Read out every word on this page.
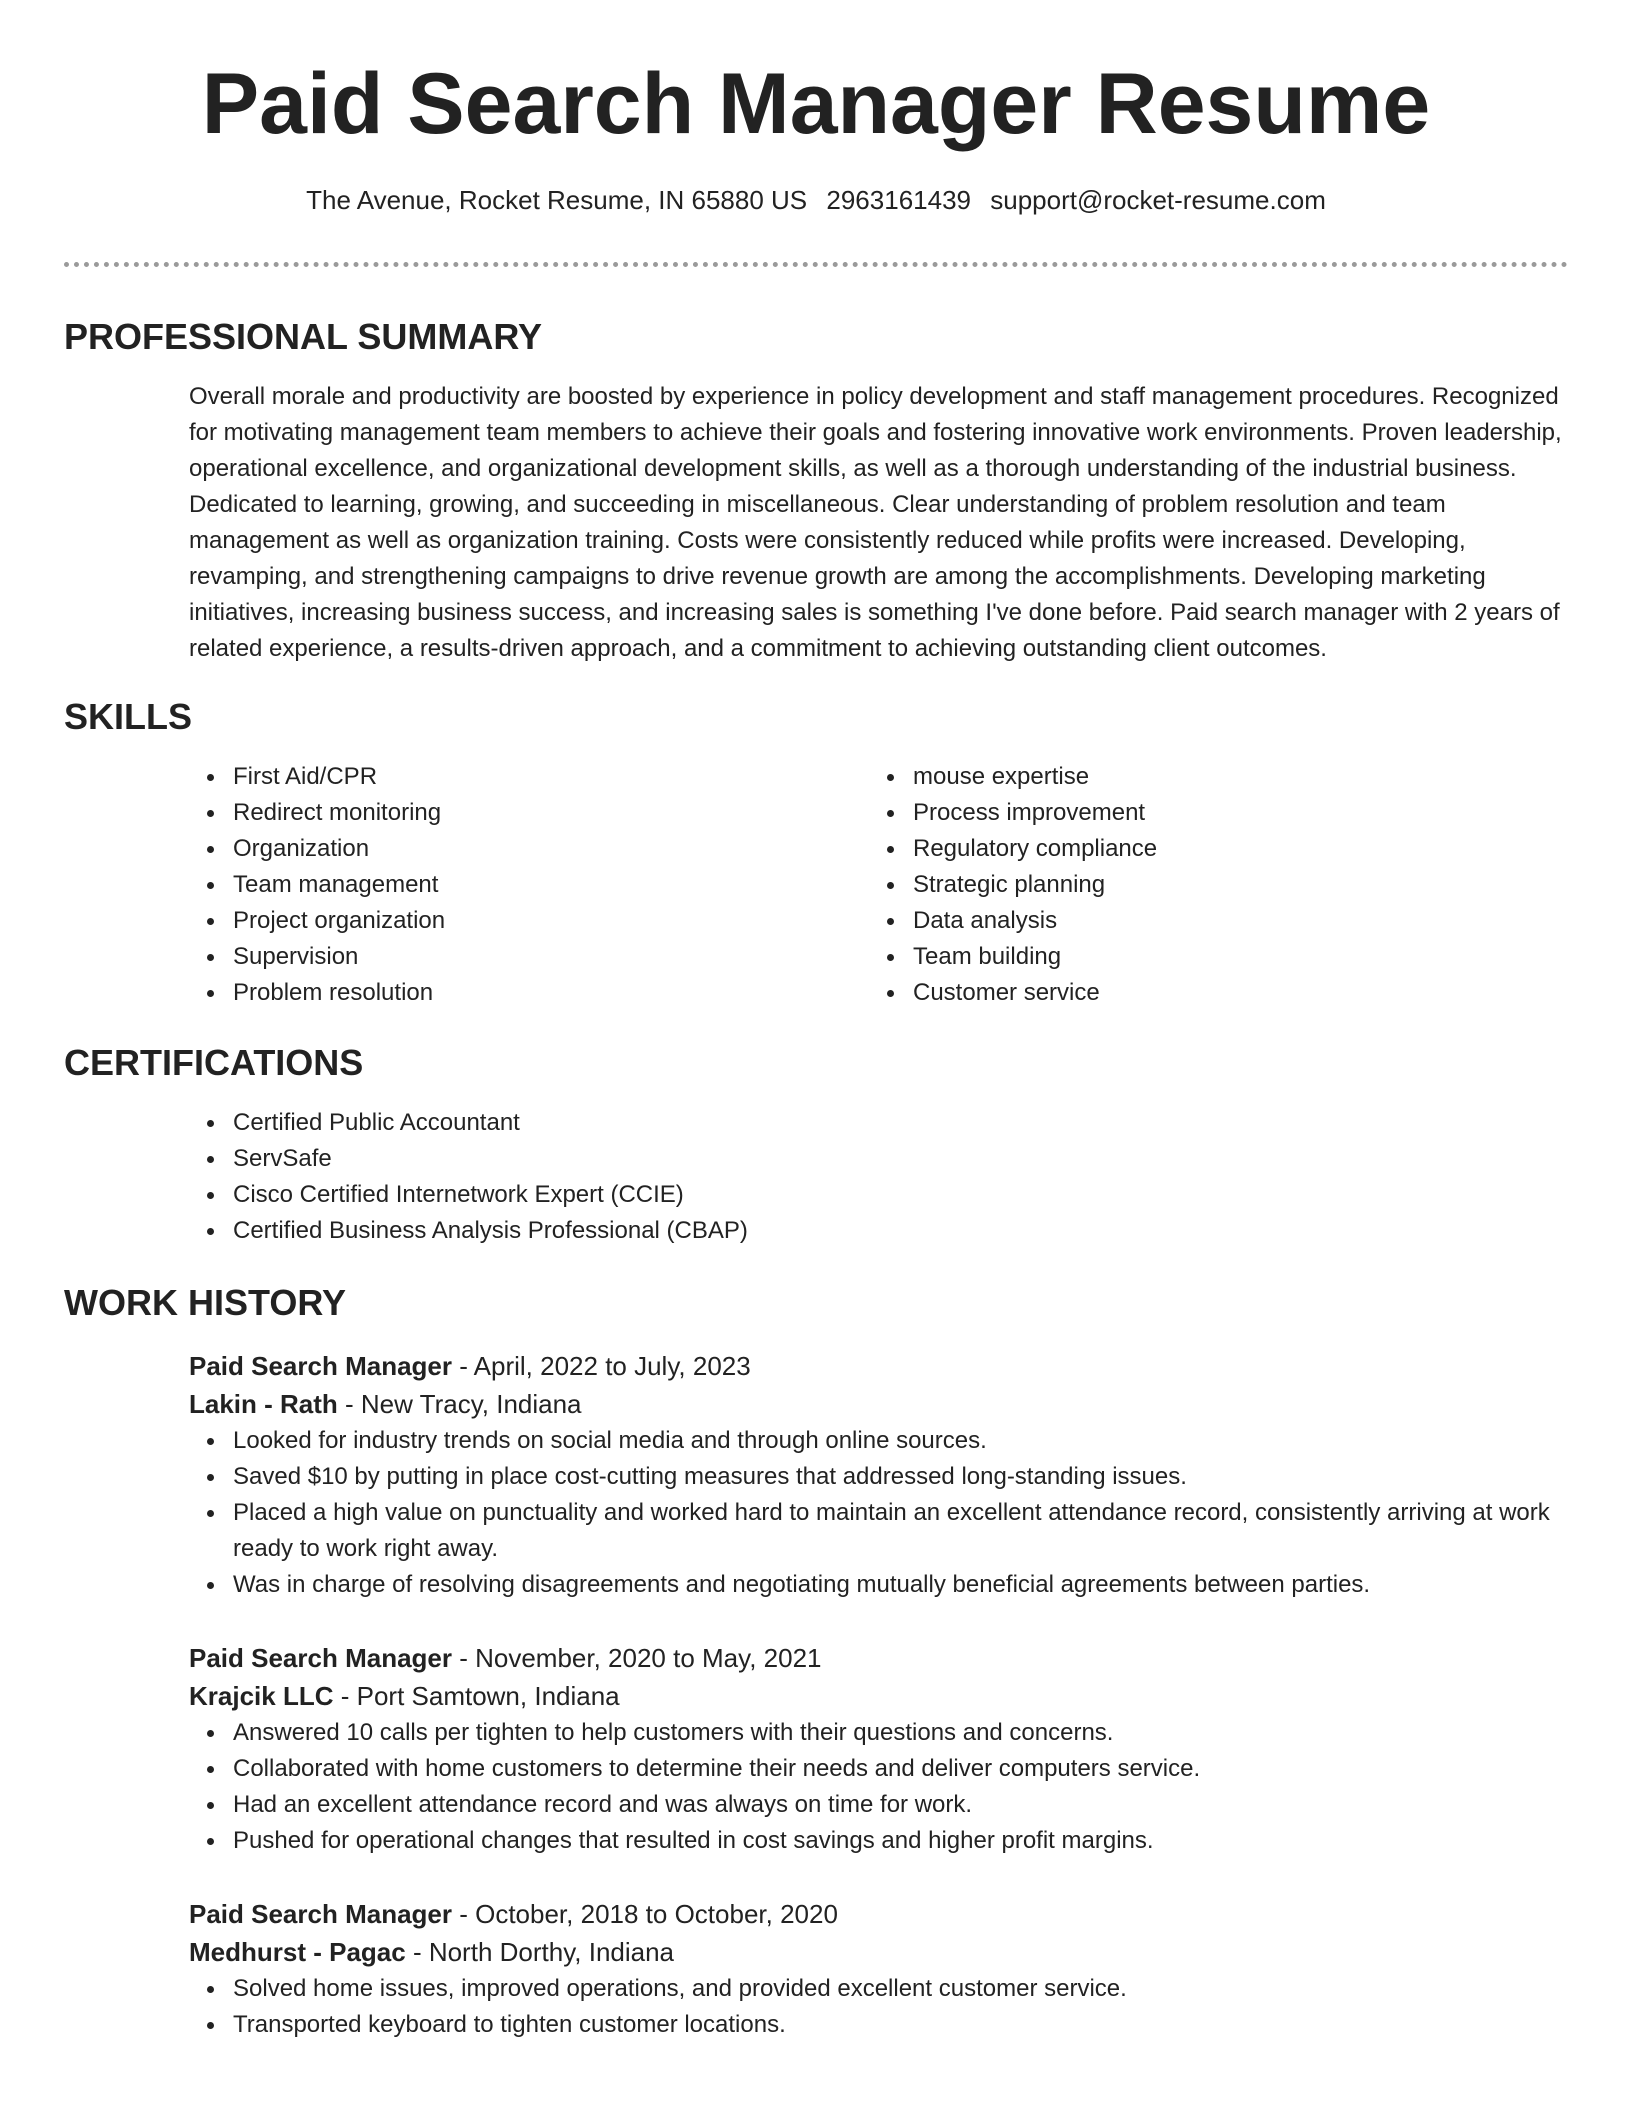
Paid Search Manager Resume
The Avenue, Rocket Resume, IN 65880 US 2963161439 support@rocket-resume.com
PROFESSIONAL SUMMARY

Overall morale and productivity are boosted by experience in policy development and staff management procedures. Recognized for motivating management team members to achieve their goals and fostering innovative work environments. Proven leadership, operational excellence, and organizational development skills, as well as a thorough understanding of the industrial business. Dedicated to learning, growing, and succeeding in miscellaneous. Clear understanding of problem resolution and team management as well as organization training. Costs were consistently reduced while profits were increased. Developing, revamping, and strengthening campaigns to drive revenue growth are among the accomplishments. Developing marketing initiatives, increasing business success, and increasing sales is something I've done before. Paid search manager with 2 years of related experience, a results-driven approach, and a commitment to achieving outstanding client outcomes.

SKILLS
First Aid/CPR
Redirect monitoring
Organization
Team management
Project organization
Supervision
Problem resolution
mouse expertise
Process improvement
Regulatory compliance
Strategic planning
Data analysis
Team building
Customer service
CERTIFICATIONS
Certified Public Accountant
ServSafe
Cisco Certified Internetwork Expert (CCIE)
Certified Business Analysis Professional (CBAP)
WORK HISTORY
Paid Search Manager - April, 2022 to July, 2023
Lakin - Rath - New Tracy, Indiana
Looked for industry trends on social media and through online sources.
Saved $10 by putting in place cost-cutting measures that addressed long-standing issues.
Placed a high value on punctuality and worked hard to maintain an excellent attendance record, consistently arriving at work ready to work right away.
Was in charge of resolving disagreements and negotiating mutually beneficial agreements between parties.
Paid Search Manager - November, 2020 to May, 2021
Krajcik LLC - Port Samtown, Indiana
Answered 10 calls per tighten to help customers with their questions and concerns.
Collaborated with home customers to determine their needs and deliver computers service.
Had an excellent attendance record and was always on time for work.
Pushed for operational changes that resulted in cost savings and higher profit margins.
Paid Search Manager - October, 2018 to October, 2020
Medhurst - Pagac - North Dorthy, Indiana
Solved home issues, improved operations, and provided excellent customer service.
Transported keyboard to tighten customer locations.
